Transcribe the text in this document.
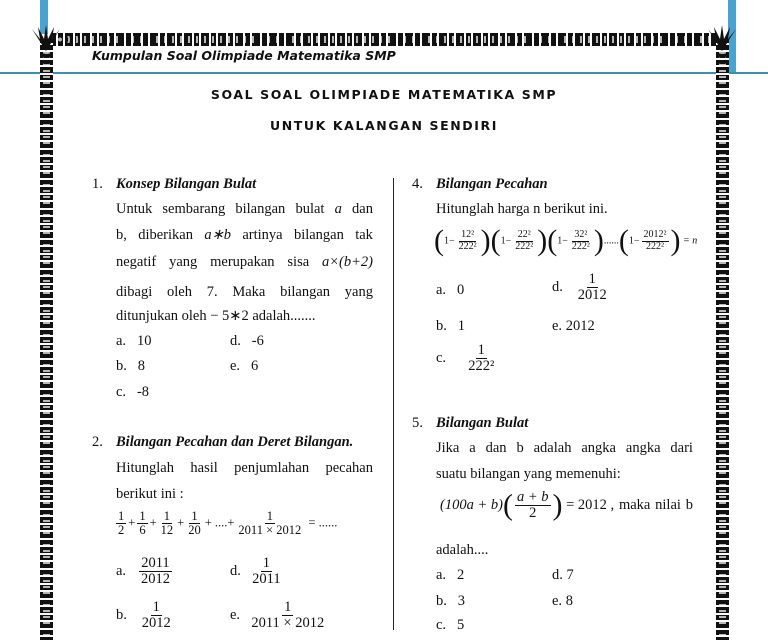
Kumpulan Soal Olimpiade Matematika SMP
SOAL SOAL OLIMPIADE MATEMATIKA SMP
UNTUK KALANGAN SENDIRI
1. Konsep Bilangan Bulat
Untuk sembarang bilangan bulat a dan
b, diberikan a∗b artinya bilangan tak
negatif yang merupakan sisa a×(b+2)
dibagi oleh 7. Maka bilangan yang
ditunjukan oleh − 5∗2 adalah.......
a. 10	d. -6
b. 8	e. 6
c. -8
2. Bilangan Pecahan dan Deret Bilangan.
Hitunglah hasil penjumlahan pecahan
berikut ini :
$\frac{1}{2} + \frac{1}{6} + \frac{1}{12} + \frac{1}{20}$ + ....+ $\frac{1}{2011 \times 2012}$ = ......
a. $\frac{2011}{2012}$	d. $\frac{1}{2011}$
b. $\frac{1}{2012}$	e. $\frac{1}{2011 \times 2012}$
4. Bilangan Pecahan
Hitunglah harga n berikut ini.
$(1- \frac{\text{12²}}{\text{222²}} )(1- \frac{\text{22²}}{\text{222²}} )(1- \frac{\text{32²}}{\text{222²}} )......(1- \frac{\text{2012²}}{\text{222²}}$ ) = n
a. 0	d. $\frac{1}{2012}$
b. 1	e. 2012
c. $\frac{1}{\text{222²}}$
5. Bilangan Bulat
Jika a dan b adalah angka angka dari
suatu bilangan yang memenuhi:
$(100a + b)( \frac{a + b}{2}$ ) = 2012 , maka nilai b
adalah....
a. 2	d. 7
b. 3	e. 8
c. 5
